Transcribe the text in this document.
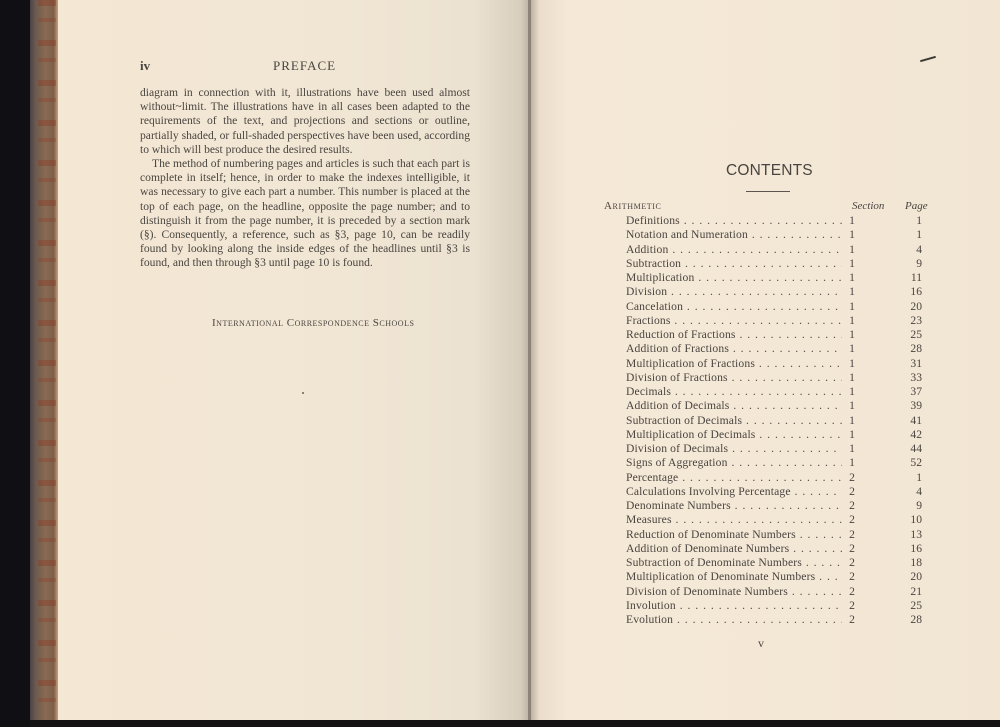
iv	PREFACE

diagram in connection with it, illustrations have been used almost without~limit. The illustrations have in all cases been adapted to the requirements of the text, and projections and sections or outline, partially shaded, or full-shaded perspectives have been used, according to which will best produce the desired results.

The method of numbering pages and articles is such that each part is complete in itself; hence, in order to make the indexes intelligible, it was necessary to give each part a number. This number is placed at the top of each page, on the headline, opposite the page number; and to distinguish it from the page number, it is preceded by a section mark (§). Consequently, a reference, such as §3, page 10, can be readily found by looking along the inside edges of the headlines until §3 is found, and then through §3 until page 10 is found.

International Correspondence Schools
CONTENTS
Arithmetic	Section Page
Definitions . .	1	1
Notation and Numeration . .	1	1
Addition . .	1	4
Subtraction . .	1	9
Multiplication . .	1	11
Division . .	1	16
Cancelation . .	1	20
Fractions . .	1	23
Reduction of Fractions . .	1	25
Addition of Fractions . .	1	28
Multiplication of Fractions . .	1	31
Division of Fractions . .	1	33
Decimals . .	1	37
Addition of Decimals . .	1	39
Subtraction of Decimals . .	1	41
Multiplication of Decimals . .	1	42
Division of Decimals . .	1	44
Signs of Aggregation . .	1	52
Percentage . .	2	1
Calculations Involving Percentage . .	2	4
Denominate Numbers . .	2	9
Measures . .	2	10
Reduction of Denominate Numbers . .	2	13
Addition of Denominate Numbers . .	2	16
Subtraction of Denominate Numbers . .	2	18
Multiplication of Denominate Numbers . .	2	20
Division of Denominate Numbers . .	2	21
Involution . .	2	25
Evolution . .	2	28
v
